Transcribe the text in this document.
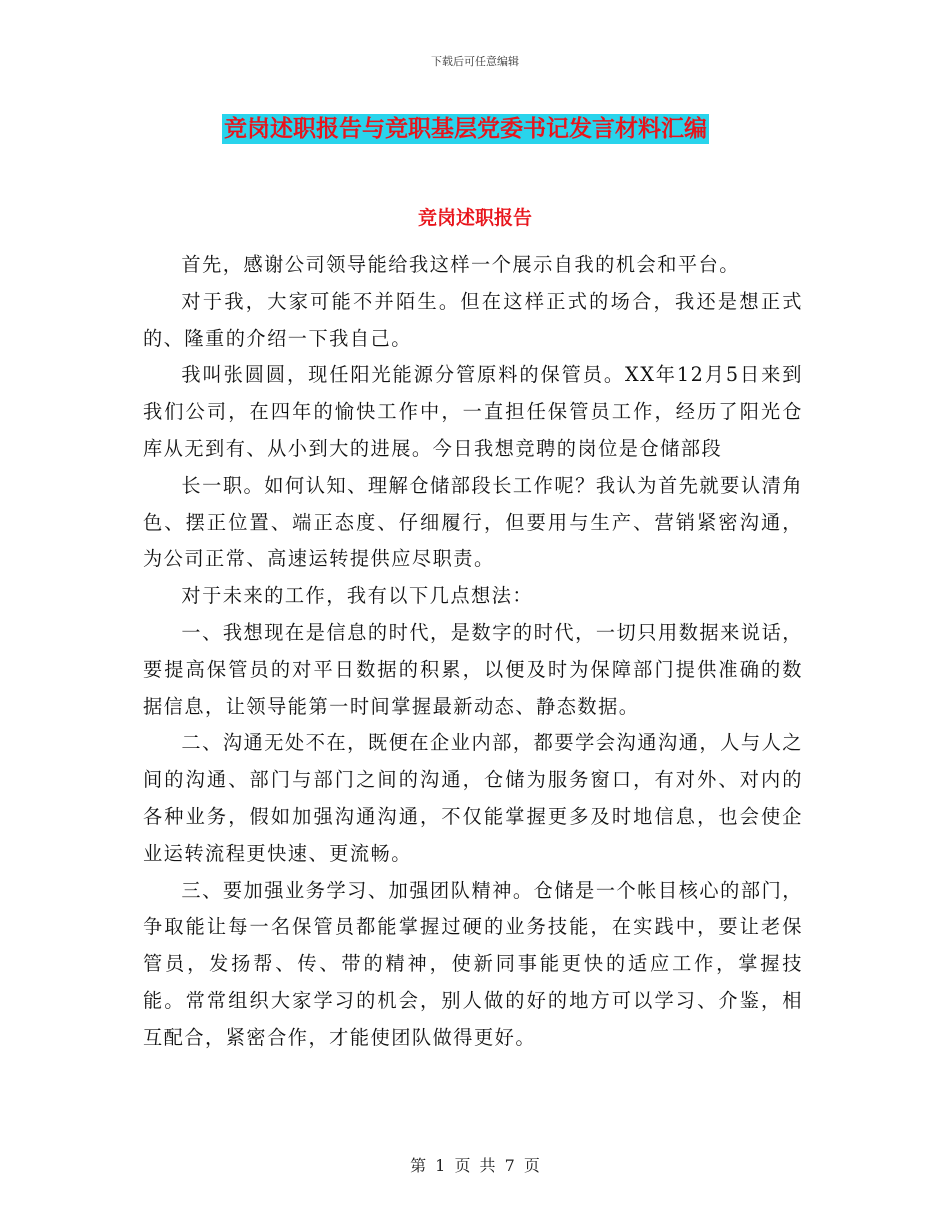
下载后可任意编辑
竞岗述职报告与竞职基层党委书记发言材料汇编
竞岗述职报告

首先，感谢公司领导能给我这样一个展示自我的机会和平台。

对于我，大家可能不并陌生。但在这样正式的场合，我还是想正式的、隆重的介绍一下我自己。

我叫张圆圆，现任阳光能源分管原料的保管员。XX年12月5日来到我们公司，在四年的愉快工作中，一直担任保管员工作，经历了阳光仓库从无到有、从小到大的进展。今日我想竞聘的岗位是仓储部段

长一职。如何认知、理解仓储部段长工作呢？我认为首先就要认清角色、摆正位置、端正态度、仔细履行，但要用与生产、营销紧密沟通，为公司正常、高速运转提供应尽职责。

对于未来的工作，我有以下几点想法：

一、我想现在是信息的时代，是数字的时代，一切只用数据来说话，要提高保管员的对平日数据的积累，以便及时为保障部门提供准确的数据信息，让领导能第一时间掌握最新动态、静态数据。

二、沟通无处不在，既便在企业内部，都要学会沟通沟通，人与人之间的沟通、部门与部门之间的沟通，仓储为服务窗口，有对外、对内的各种业务，假如加强沟通沟通，不仅能掌握更多及时地信息，也会使企业运转流程更快速、更流畅。

三、要加强业务学习、加强团队精神。仓储是一个帐目核心的部门，争取能让每一名保管员都能掌握过硬的业务技能，在实践中，要让老保管员，发扬帮、传、带的精神，使新同事能更快的适应工作，掌握技能。常常组织大家学习的机会，别人做的好的地方可以学习、介鉴，相互配合，紧密合作，才能使团队做得更好。

第 1 页 共 7 页
